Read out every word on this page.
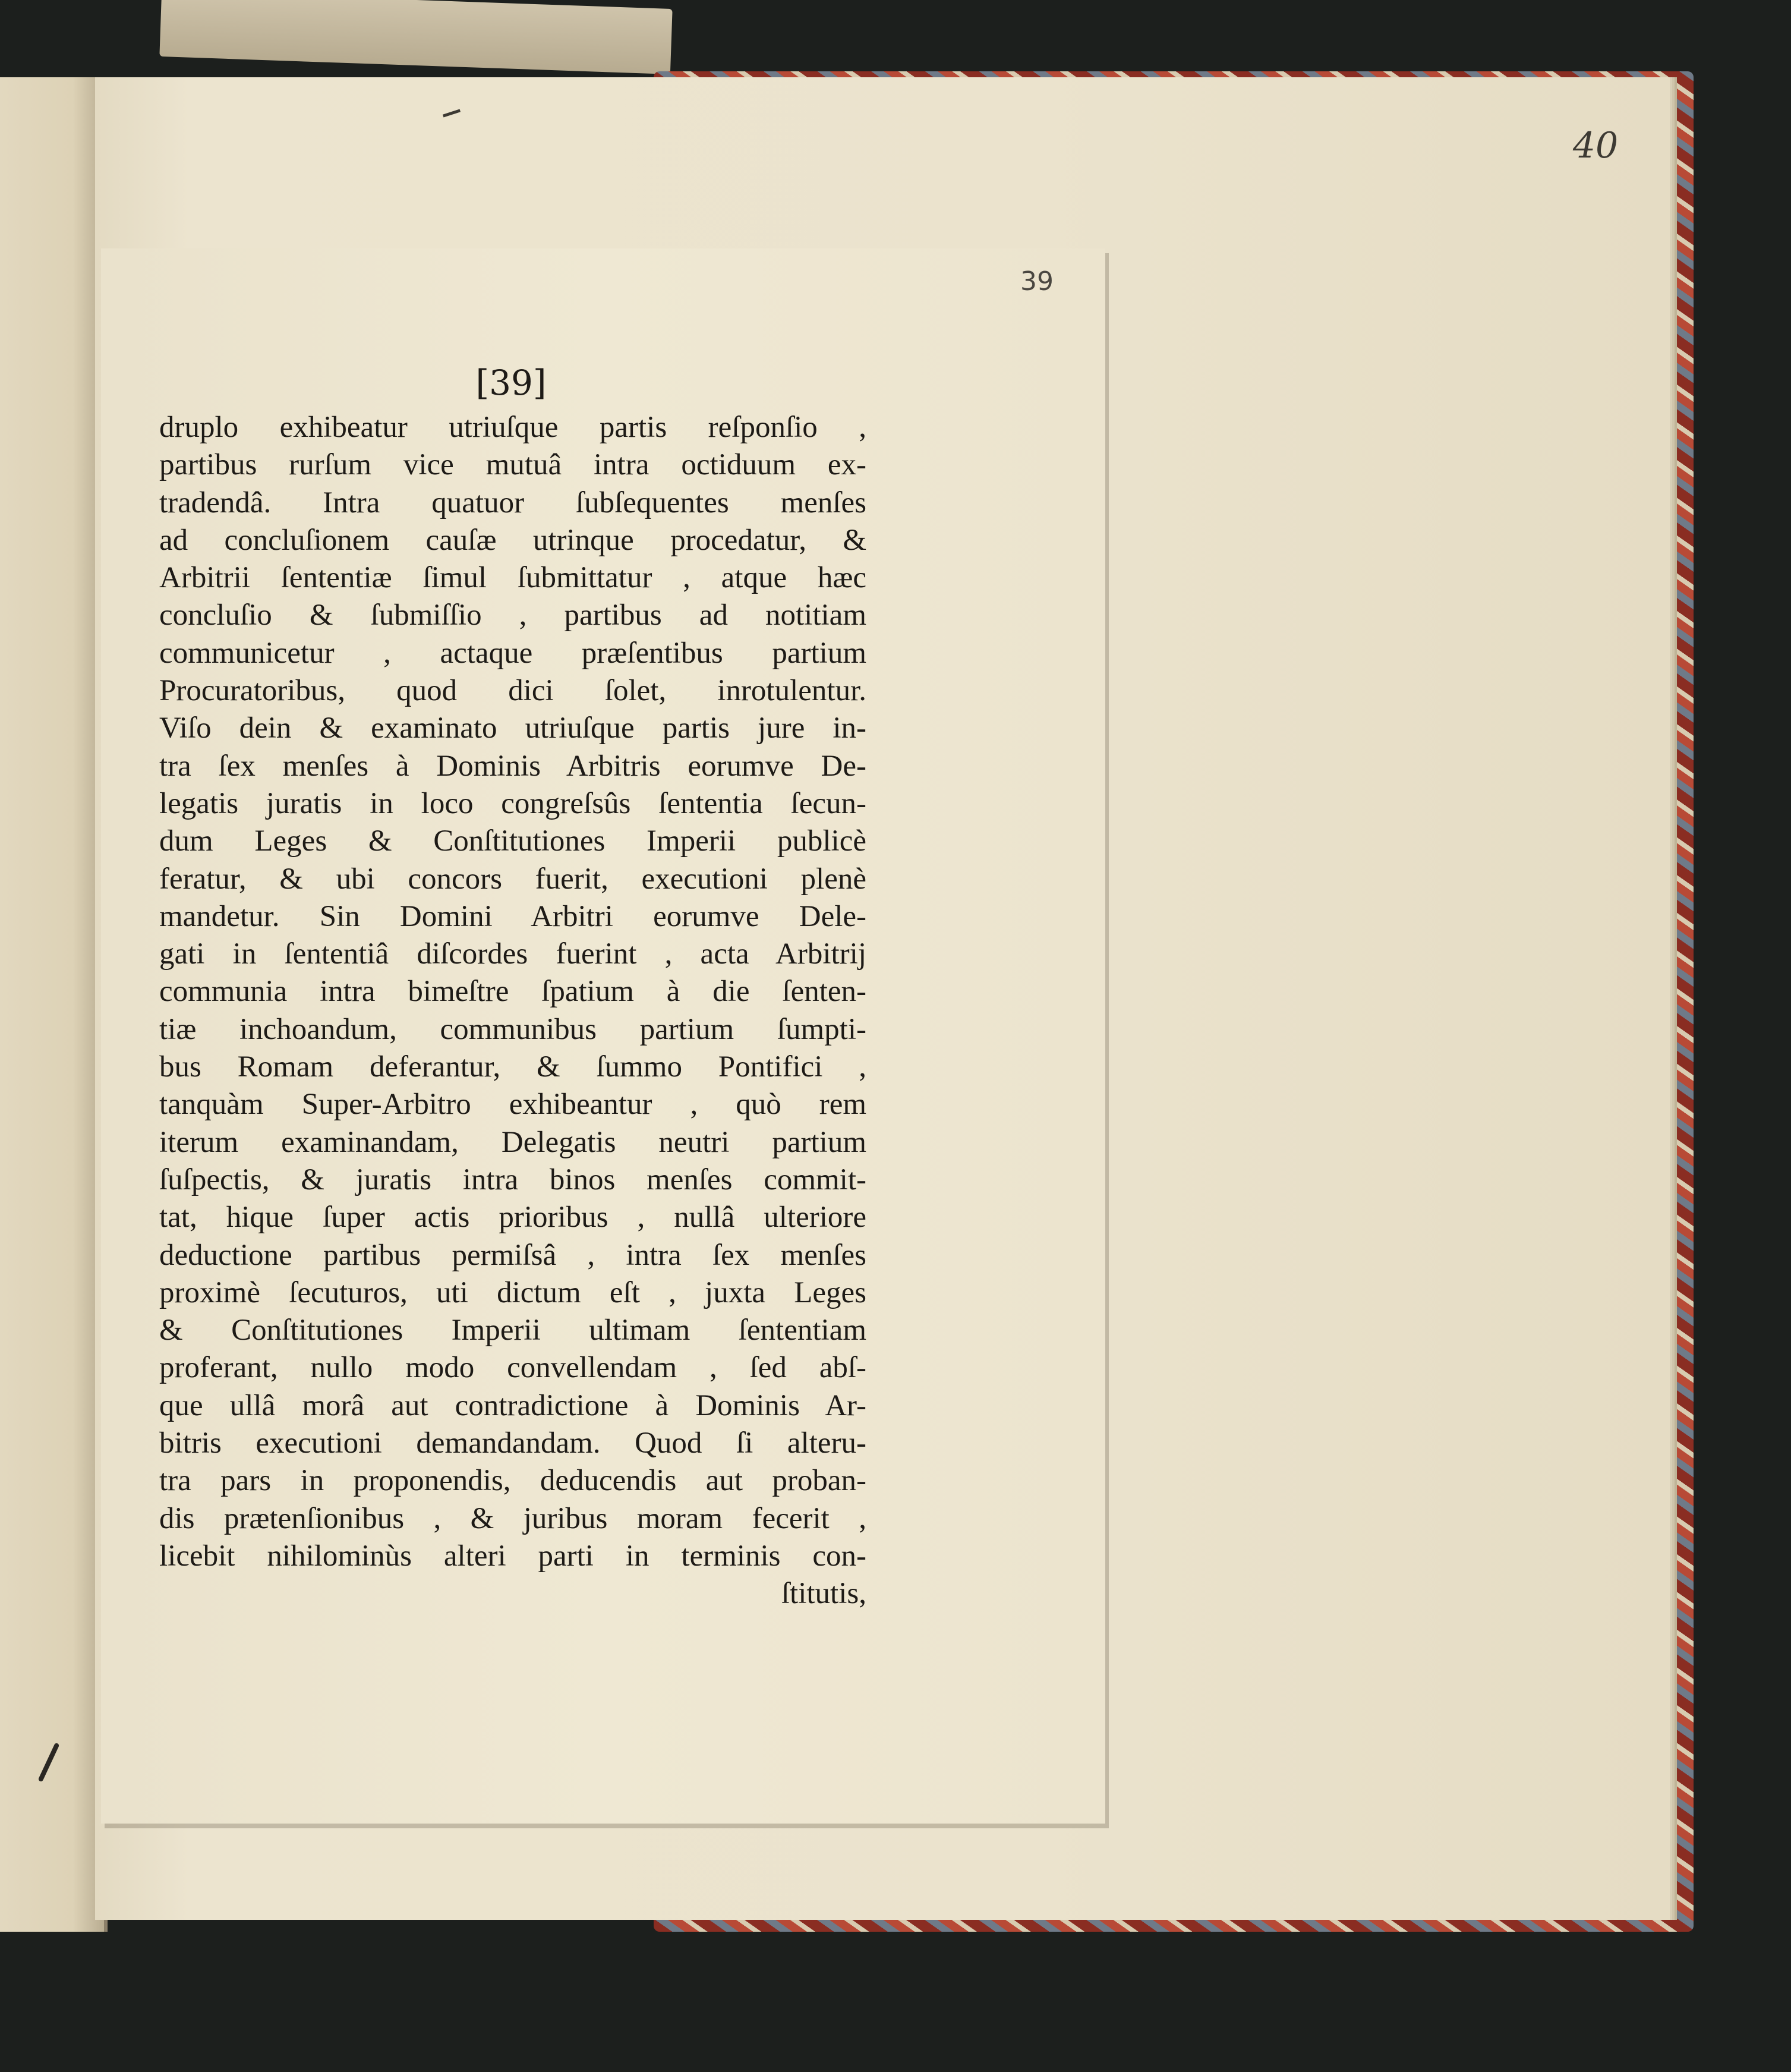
40
39
[39]
druplo exhibeatur utriuſque partis reſponſio ,
partibus rurſum vice mutuâ intra octiduum ex-
tradendâ. Intra quatuor ſubſequentes menſes
ad concluſionem cauſæ utrinque procedatur, &
Arbitrii ſententiæ ſimul ſubmittatur , atque hæc
concluſio & ſubmiſſio , partibus ad notitiam
communicetur , actaque præſentibus partium
Procuratoribus, quod dici ſolet, inrotulentur.
Viſo dein & examinato utriuſque partis jure in-
tra ſex menſes à Dominis Arbitris eorumve De-
legatis juratis in loco congreſsûs ſententia ſecun-
dum Leges & Conſtitutiones Imperii publicè
feratur, & ubi concors fuerit, executioni plenè
mandetur. Sin Domini Arbitri eorumve Dele-
gati in ſententiâ diſcordes fuerint , acta Arbitrij
communia intra bimeſtre ſpatium à die ſenten-
tiæ inchoandum, communibus partium ſumpti-
bus Romam deferantur, & ſummo Pontifici ,
tanquàm Super-Arbitro exhibeantur , quò rem
iterum examinandam, Delegatis neutri partium
ſuſpectis, & juratis intra binos menſes commit-
tat, hique ſuper actis prioribus , nullâ ulteriore
deductione partibus permiſsâ , intra ſex menſes
proximè ſecuturos, uti dictum eſt , juxta Leges
& Conſtitutiones Imperii ultimam ſententiam
proferant, nullo modo convellendam , ſed abſ-
que ullâ morâ aut contradictione à Dominis Ar-
bitris executioni demandandam. Quod ſi alteru-
tra pars in proponendis, deducendis aut proban-
dis prætenſionibus , & juribus moram fecerit ,
licebit nihilominùs alteri parti in terminis con-
ſtitutis,
